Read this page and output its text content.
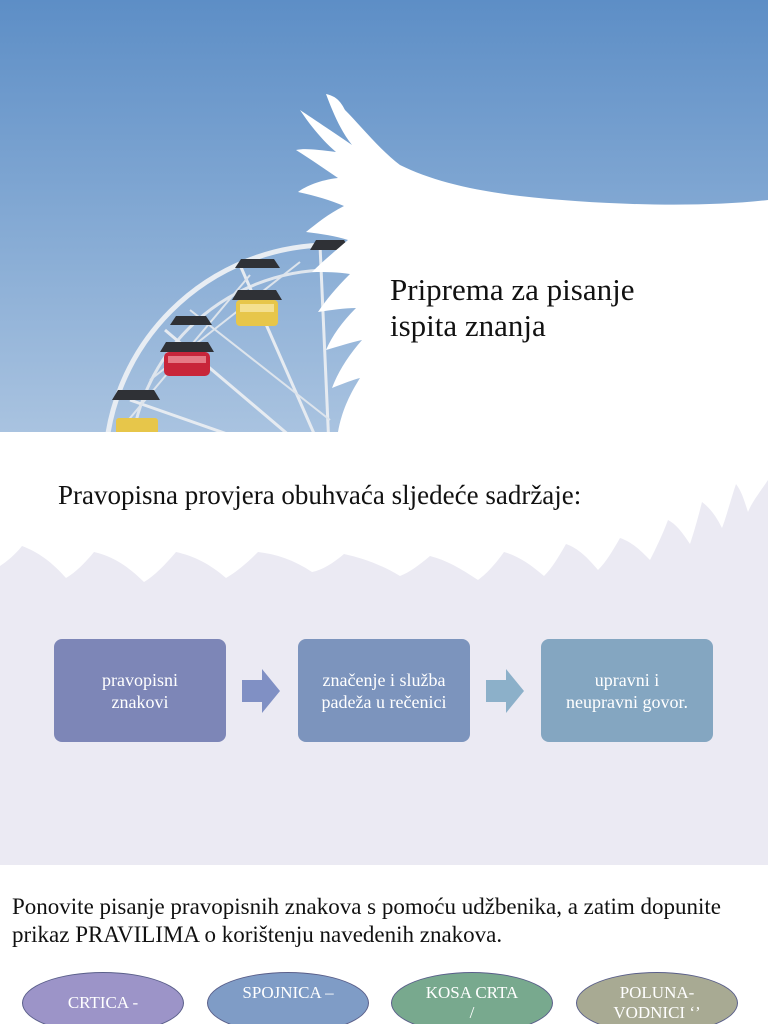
Priprema za pisanje
ispita znanja
Pravopisna provjera obuhvaća sljedeće sadržaje:
pravopisni
znakovi
značenje i služba
padeža u rečenici
upravni i
neupravni govor.
Ponovite pisanje pravopisnih znakova s pomoću udžbenika, a zatim dopunite prikaz PRAVILIMA o korištenju navedenih znakova.
CRTICA -
SPOJNICA –	KOSA CRTA
/
POLUNA-
VODNICI ‘’
